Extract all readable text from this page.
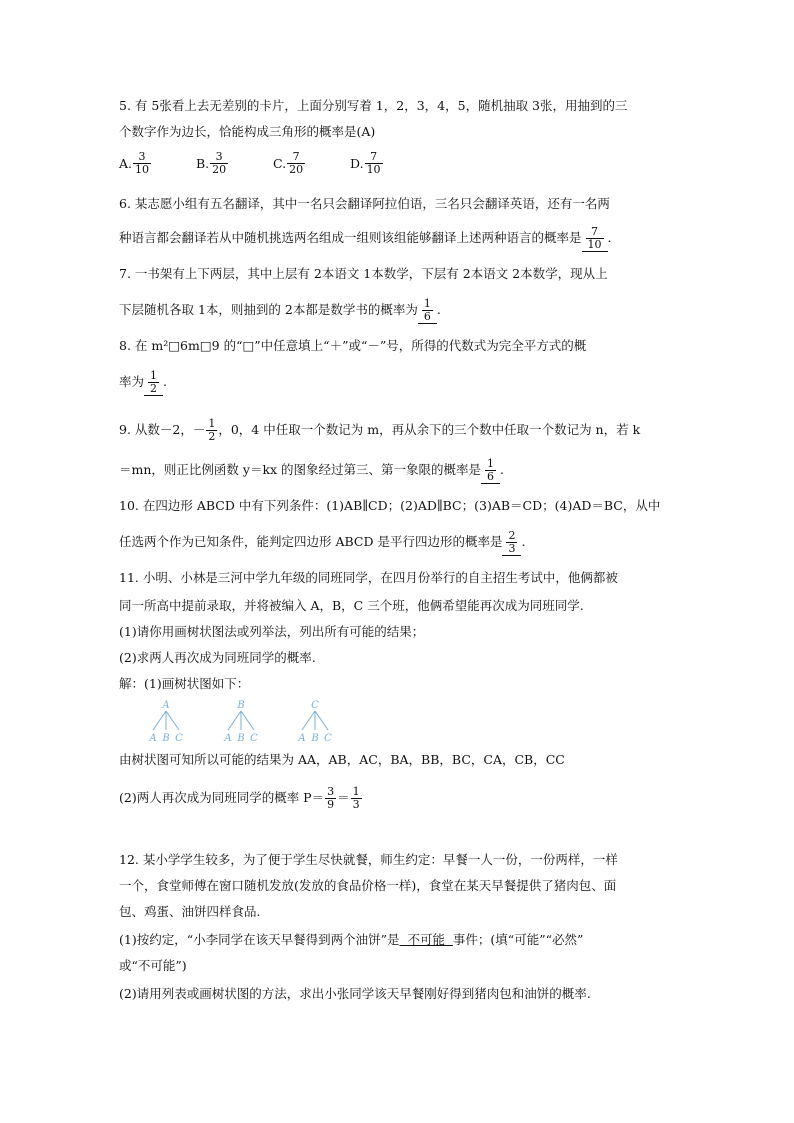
5. 有 5张看上去无差别的卡片，上面分别写着 1，2，3，4，5，随机抽取 3张，用抽到的三
个数字作为边长，恰能构成三角形的概率是(A)
A. $\frac{3}{10}$	B. $\frac{3}{20}$	C. $\frac{7}{20}$	D. $\frac{7}{10}$
6. 某志愿小组有五名翻译，其中一名只会翻译阿拉伯语，三名只会翻译英语，还有一名两
种语言都会翻译若从中随机挑选两名组成一组则该组能够翻译上述两种语言的概率是 $\frac{7}{10}$ .
7. 一书架有上下两层，其中上层有 2本语文 1本数学，下层有 2本语文 2本数学，现从上
下层随机各取 1本，则抽到的 2本都是数学书的概率为 $\frac{1}{6}$ .
8. 在 m²□6m□9 的“□”中任意填上“＋”或“－”号，所得的代数式为完全平方式的概
率为 $\frac{1}{2}$ .
9. 从数－2，－ $\frac{1}{2}$ ，0，4 中任取一个数记为 m，再从余下的三个数中任取一个数记为 n，若 k
＝mn，则正比例函数 y＝kx 的图象经过第三、第一象限的概率是 $\frac{1}{6}$ .
10. 在四边形 ABCD 中有下列条件：(1)AB∥CD；(2)AD∥BC；(3)AB＝CD；(4)AD＝BC，从中
任选两个作为已知条件，能判定四边形 ABCD 是平行四边形的概率是 $\frac{2}{3}$ .
11. 小明、小林是三河中学九年级的同班同学，在四月份举行的自主招生考试中，他俩都被
同一所高中提前录取，并将被编入 A，B，C 三个班，他俩希望能再次成为同班同学.
(1)请你用画树状图法或列举法，列出所有可能的结果；
(2)求两人再次成为同班同学的概率.
解：(1)画树状图如下：
A
A B C
B
A B C
C
A B C
由树状图可知所以可能的结果为 AA，AB，AC，BA，BB，BC，CA，CB，CC
(2)两人再次成为同班同学的概率 $P= \frac{3}{9} = \frac{1}{3}$
12. 某小学学生较多，为了便于学生尽快就餐，师生约定：早餐一人一份，一份两样，一样
一个，食堂师傅在窗口随机发放(发放的食品价格一样)，食堂在某天早餐提供了猪肉包、面
包、鸡蛋、油饼四样食品.
(1)按约定，“小李同学在该天早餐得到两个油饼”是 不可能 事件；(填“可能”“必然”
或“不可能”)
(2)请用列表或画树状图的方法，求出小张同学该天早餐刚好得到猪肉包和油饼的概率.
